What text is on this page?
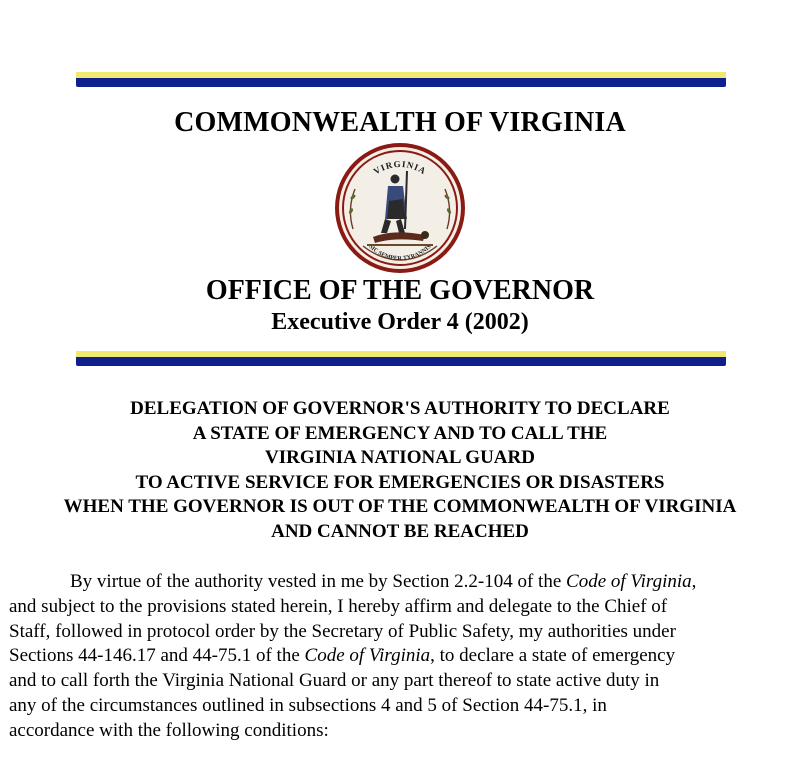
COMMONWEALTH OF VIRGINIA
VIRGINIA
SIC SEMPER TYRANNIS
OFFICE OF THE GOVERNOR
Executive Order 4 (2002)
DELEGATION OF GOVERNOR'S AUTHORITY TO DECLARE
A STATE OF EMERGENCY AND TO CALL THE
VIRGINIA NATIONAL GUARD
TO ACTIVE SERVICE FOR EMERGENCIES OR DISASTERS
WHEN THE GOVERNOR IS OUT OF THE COMMONWEALTH OF VIRGINIA
AND CANNOT BE REACHED
By virtue of the authority vested in me by Section 2.2-104 of the Code of Virginia,
and subject to the provisions stated herein, I hereby affirm and delegate to the Chief of
Staff, followed in protocol order by the Secretary of Public Safety, my authorities under
Sections 44-146.17 and 44-75.1 of the Code of Virginia, to declare a state of emergency
and to call forth the Virginia National Guard or any part thereof to state active duty in
any of the circumstances outlined in subsections 4 and 5 of Section 44-75.1, in
accordance with the following conditions:
